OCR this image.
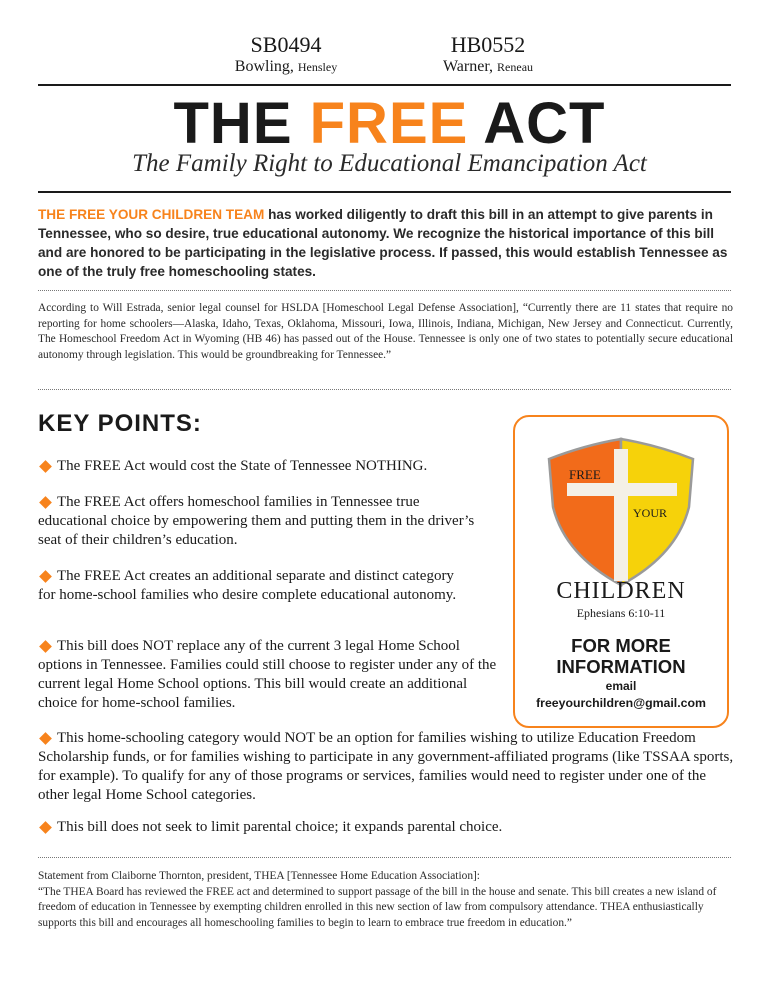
SB0494
Bowling, Hensley
HB0552
Warner, Reneau
THE FREE ACT
The Family Right to Educational Emancipation Act
THE FREE YOUR CHILDREN TEAM has worked diligently to draft this bill in an attempt to give parents in Tennessee, who so desire, true educational autonomy. We recognize the historical importance of this bill and are honored to be participating in the legislative process. If passed, this would establish Tennessee as one of the truly free homeschooling states.
According to Will Estrada, senior legal counsel for HSLDA [Homeschool Legal Defense Association], “Currently there are 11 states that require no reporting for home schoolers—Alaska, Idaho, Texas, Oklahoma, Missouri, Iowa, Illinois, Indiana, Michigan, New Jersey and Connecticut. Currently, The Homeschool Freedom Act in Wyoming (HB 46) has passed out of the House. Tennessee is only one of two states to potentially secure educational autonomy through legislation. This would be groundbreaking for Tennessee.”
KEY POINTS:
The FREE Act would cost the State of Tennessee NOTHING.
The FREE Act offers homeschool families in Tennessee true educational choice by empowering them and putting them in the driver’s seat of their children’s education.
The FREE Act creates an additional separate and distinct category for home-school families who desire complete educational autonomy.
This bill does NOT replace any of the current 3 legal Home School options in Tennessee. Families could still choose to register under any of the current legal Home School options. This bill would create an additional choice for home-school families.
This home-schooling category would NOT be an option for families wishing to utilize Education Freedom Scholarship funds, or for families wishing to participate in any government-affiliated programs (like TSSAA sports, for example). To qualify for any of those programs or services, families would need to register under one of the other legal Home School categories.
This bill does not seek to limit parental choice; it expands parental choice.
FREE
YOUR
CHILDREN
Ephesians 6:10-11
FOR MORE INFORMATION
email
freeyourchildren@gmail.com
Statement from Claiborne Thornton, president, THEA [Tennessee Home Education Association]:
“The THEA Board has reviewed the FREE act and determined to support passage of the bill in the house and senate. This bill creates a new island of freedom of education in Tennessee by exempting children enrolled in this new section of law from compulsory attendance. THEA enthusiastically supports this bill and encourages all homeschooling families to begin to learn to embrace true freedom in education.”
